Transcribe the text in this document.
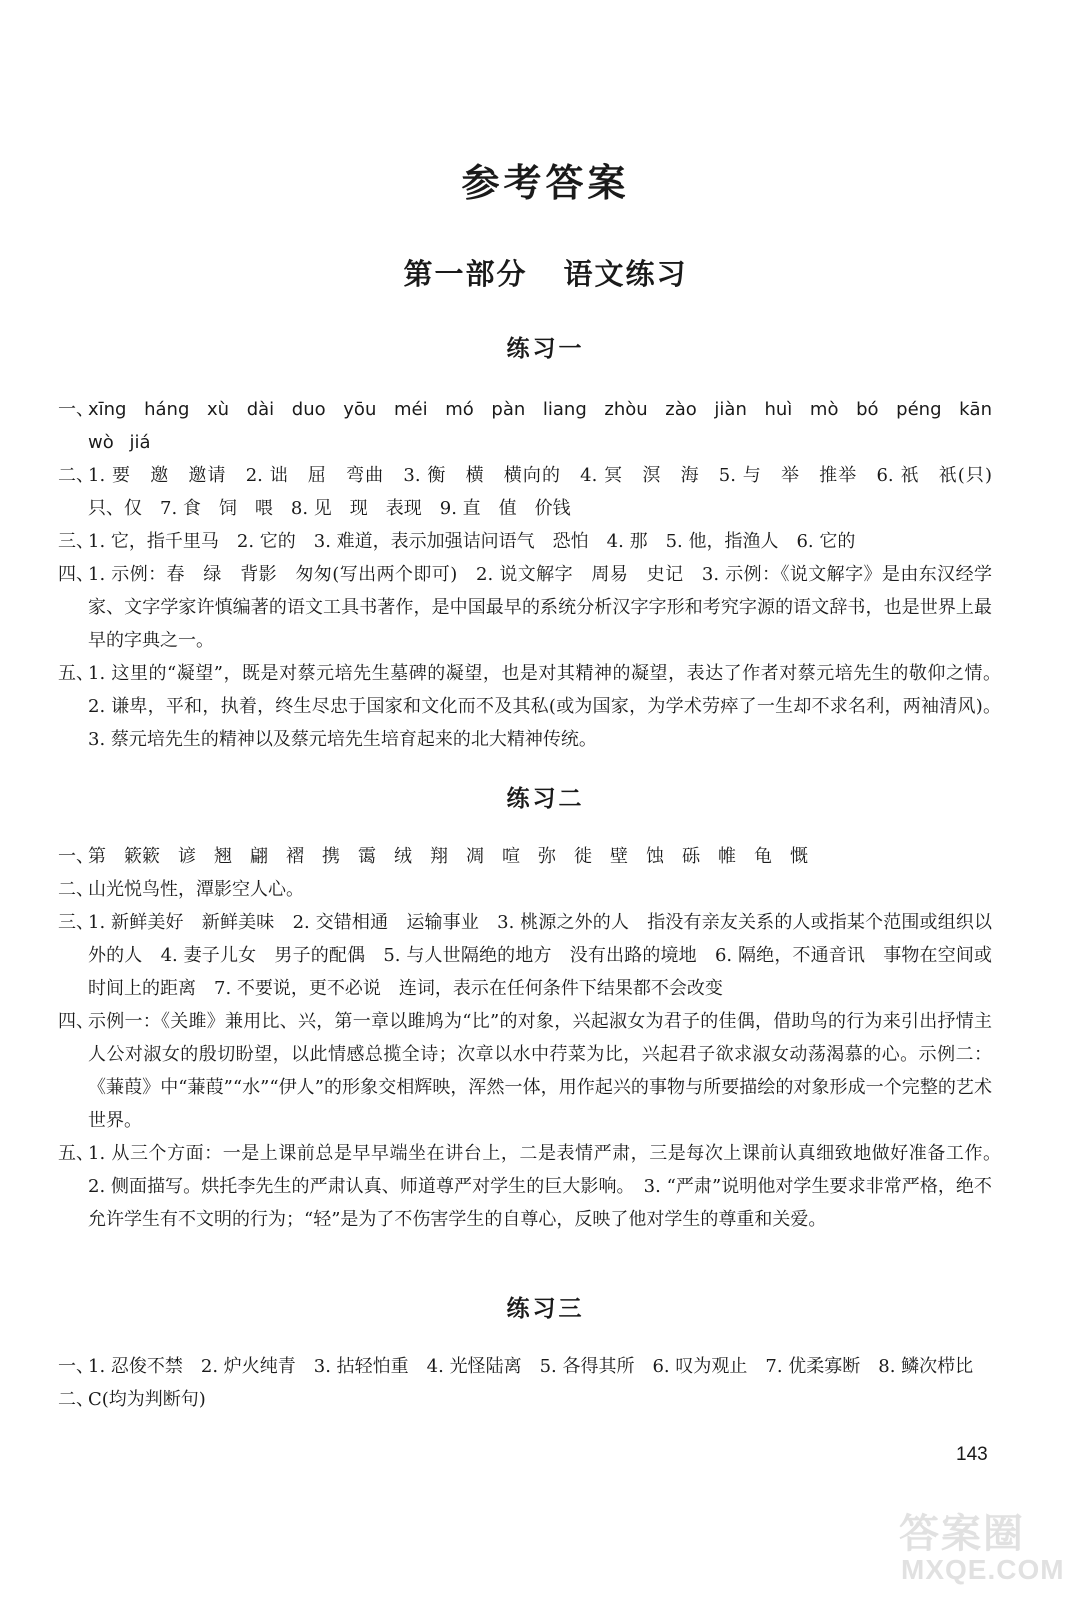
参考答案
第一部分 语文练习
练习一
一、
xīng háng xù dài duo yōu méi mó pàn liang zhòu zào jiàn huì mò bó péng kān wò jiá
二、
1. 要　邀　邀请　2. 诎　屈　弯曲　3. 衡　横　横向的　4. 冥　溟　海　5. 与　举　推举　6. 祇　祇(只)　只、仅　7. 食　饲　喂　8. 见　现　表现　9. 直　值　价钱
三、
1. 它，指千里马　2. 它的　3. 难道，表示加强诘问语气　恐怕　4. 那　5. 他，指渔人　6. 它的
四、
1. 示例：春　绿　背影　匆匆(写出两个即可)　2. 说文解字　周易　史记　3. 示例：《说文解字》是由东汉经学家、文字学家许慎编著的语文工具书著作，是中国最早的系统分析汉字字形和考究字源的语文辞书，也是世界上最早的字典之一。
五、
1. 这里的“凝望”，既是对蔡元培先生墓碑的凝望，也是对其精神的凝望，表达了作者对蔡元培先生的敬仰之情。　2. 谦卑，平和，执着，终生尽忠于国家和文化而不及其私(或为国家，为学术劳瘁了一生却不求名利，两袖清风)。　3. 蔡元培先生的精神以及蔡元培先生培育起来的北大精神传统。
练习二
一、
第　簌簌　谚　翘　翩　褶　携　霭　绒　翔　凋　喧　弥　徙　壁　蚀　砾　帷　龟　慨
二、
山光悦鸟性，潭影空人心。
三、
1. 新鲜美好　新鲜美味　2. 交错相通　运输事业　3. 桃源之外的人　指没有亲友关系的人或指某个范围或组织以外的人　4. 妻子儿女　男子的配偶　5. 与人世隔绝的地方　没有出路的境地　6. 隔绝，不通音讯　事物在空间或时间上的距离　7. 不要说，更不必说　连词，表示在任何条件下结果都不会改变
四、
示例一：《关雎》兼用比、兴，第一章以雎鸠为“比”的对象，兴起淑女为君子的佳偶，借助鸟的行为来引出抒情主人公对淑女的殷切盼望，以此情感总揽全诗；次章以水中荇菜为比，兴起君子欲求淑女动荡渴慕的心。示例二：《蒹葭》中“蒹葭”“水”“伊人”的形象交相辉映，浑然一体，用作起兴的事物与所要描绘的对象形成一个完整的艺术世界。
五、
1. 从三个方面：一是上课前总是早早端坐在讲台上，二是表情严肃，三是每次上课前认真细致地做好准备工作。　2. 侧面描写。烘托李先生的严肃认真、师道尊严对学生的巨大影响。　3. “严肃”说明他对学生要求非常严格，绝不允许学生有不文明的行为；“轻”是为了不伤害学生的自尊心，反映了他对学生的尊重和关爱。
练习三
一、
1. 忍俊不禁　2. 炉火纯青　3. 拈轻怕重　4. 光怪陆离　5. 各得其所　6. 叹为观止　7. 优柔寡断　8. 鳞次栉比
二、
C(均为判断句)
143
答案圈
MXQE.COM
